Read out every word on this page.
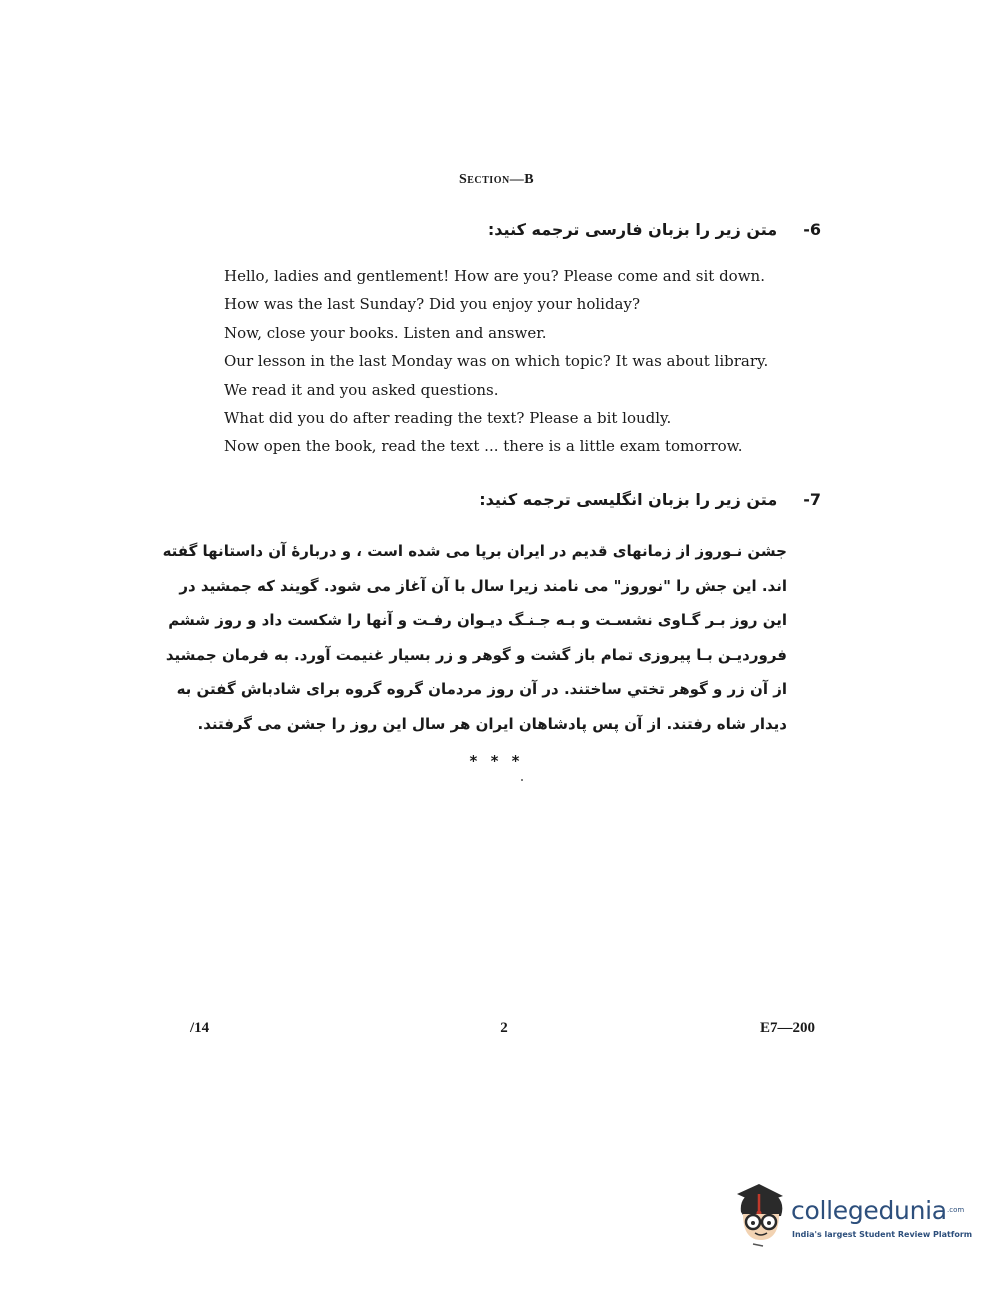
Section—B
-6متن زیر را بزبان فارسی ترجمه کنید:
Hello, ladies and gentlement! How are you? Please come and sit down.
How was the last Sunday? Did you enjoy your holiday?
Now, close your books. Listen and answer.
Our lesson in the last Monday was on which topic? It was about library.
We read it and you asked questions.
What did you do after reading the text? Please a bit loudly.
Now open the book, read the text ... there is a little exam tomorrow.
-7متن زیر را بزبان انگلیسی ترجمه کنید:
جشن نـوروز از زمانهای قدیم در ایران برپا می شده است ، و دربارهٔ آن داستانها گفته
اند. این جش را "نوروز" می نامند زیرا سال با آن آغاز می شود. گویند که جمشید در
این روز بـر گـاوی نشسـت و بـه جـنـگ دیـوان رفـت و آنها را شکست داد و روز ششم
فروردیـن بـا پیروزی تمام باز گشت و گوهر و زر بسیار غنیمت آورد. به فرمان جمشید
از آن زر و گوهر تختي ساختند. در آن روز مردمان گروه گروه برای شادباش گفتن به
دیدار شاه رفتند. از آن پس پادشاهان ایران هر سال این روز را جشن می گرفتند.
* * *
/14	2	E7—200
collegedunia .com
India's largest Student Review Platform
